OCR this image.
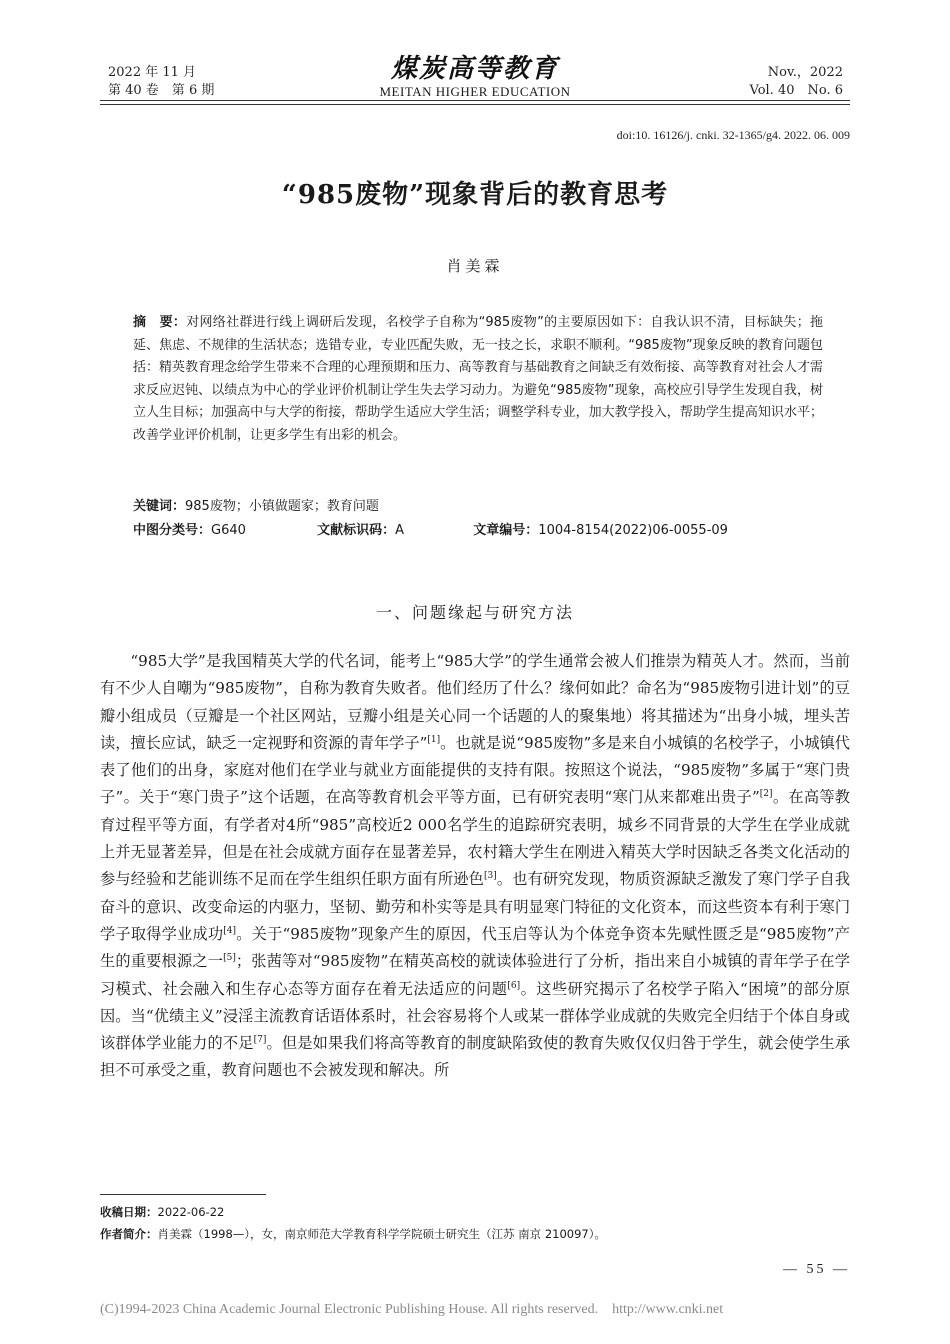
2022 年 11 月
第 40 卷　第 6 期
煤炭高等教育
MEITAN HIGHER EDUCATION
Nov.，2022
Vol. 40　No. 6
doi:10. 16126/j. cnki. 32-1365/g4. 2022. 06. 009
“985废物”现象背后的教育思考
肖美霖
摘　要：对网络社群进行线上调研后发现，名校学子自称为“985废物”的主要原因如下：自我认识不清，目标缺失；拖延、焦虑、不规律的生活状态；选错专业，专业匹配失败，无一技之长，求职不顺利。“985废物”现象反映的教育问题包括：精英教育理念给学生带来不合理的心理预期和压力、高等教育与基础教育之间缺乏有效衔接、高等教育对社会人才需求反应迟钝、以绩点为中心的学业评价机制让学生失去学习动力。为避免“985废物”现象，高校应引导学生发现自我，树立人生目标；加强高中与大学的衔接，帮助学生适应大学生活；调整学科专业，加大教学投入，帮助学生提高知识水平；改善学业评价机制，让更多学生有出彩的机会。
关键词：985废物；小镇做题家；教育问题
中图分类号：G640	文献标识码：A	文章编号：1004-8154(2022)06-0055-09
一、问题缘起与研究方法

“985大学”是我国精英大学的代名词，能考上“985大学”的学生通常会被人们推崇为精英人才。然而，当前有不少人自嘲为“985废物”，自称为教育失败者。他们经历了什么？缘何如此？命名为“985废物引进计划”的豆瓣小组成员（豆瓣是一个社区网站，豆瓣小组是关心同一个话题的人的聚集地）将其描述为“出身小城，埋头苦读，擅长应试，缺乏一定视野和资源的青年学子”[1]。也就是说“985废物”多是来自小城镇的名校学子，小城镇代表了他们的出身，家庭对他们在学业与就业方面能提供的支持有限。按照这个说法，“985废物”多属于“寒门贵子”。关于“寒门贵子”这个话题，在高等教育机会平等方面，已有研究表明“寒门从来都难出贵子”[2]。在高等教育过程平等方面，有学者对4所“985”高校近2 000名学生的追踪研究表明，城乡不同背景的大学生在学业成就上并无显著差异，但是在社会成就方面存在显著差异，农村籍大学生在刚进入精英大学时因缺乏各类文化活动的参与经验和艺能训练不足而在学生组织任职方面有所逊色[3]。也有研究发现，物质资源缺乏激发了寒门学子自我奋斗的意识、改变命运的内驱力，坚韧、勤劳和朴实等是具有明显寒门特征的文化资本，而这些资本有利于寒门学子取得学业成功[4]。关于“985废物”现象产生的原因，代玉启等认为个体竞争资本先赋性匮乏是“985废物”产生的重要根源之一[5]；张茜等对“985废物”在精英高校的就读体验进行了分析，指出来自小城镇的青年学子在学习模式、社会融入和生存心态等方面存在着无法适应的问题[6]。这些研究揭示了名校学子陷入“困境”的部分原因。当“优绩主义”浸淫主流教育话语体系时，社会容易将个人或某一群体学业成就的失败完全归结于个体自身或该群体学业能力的不足[7]。但是如果我们将高等教育的制度缺陷致使的教育失败仅仅归咎于学生，就会使学生承担不可承受之重，教育问题也不会被发现和解决。所

收稿日期：2022-06-22
作者简介：肖美霖（1998—），女，南京师范大学教育科学学院硕士研究生（江苏 南京 210097）。
— 55 —
(C)1994-2023 China Academic Journal Electronic Publishing House. All rights reserved.　http://www.cnki.net
